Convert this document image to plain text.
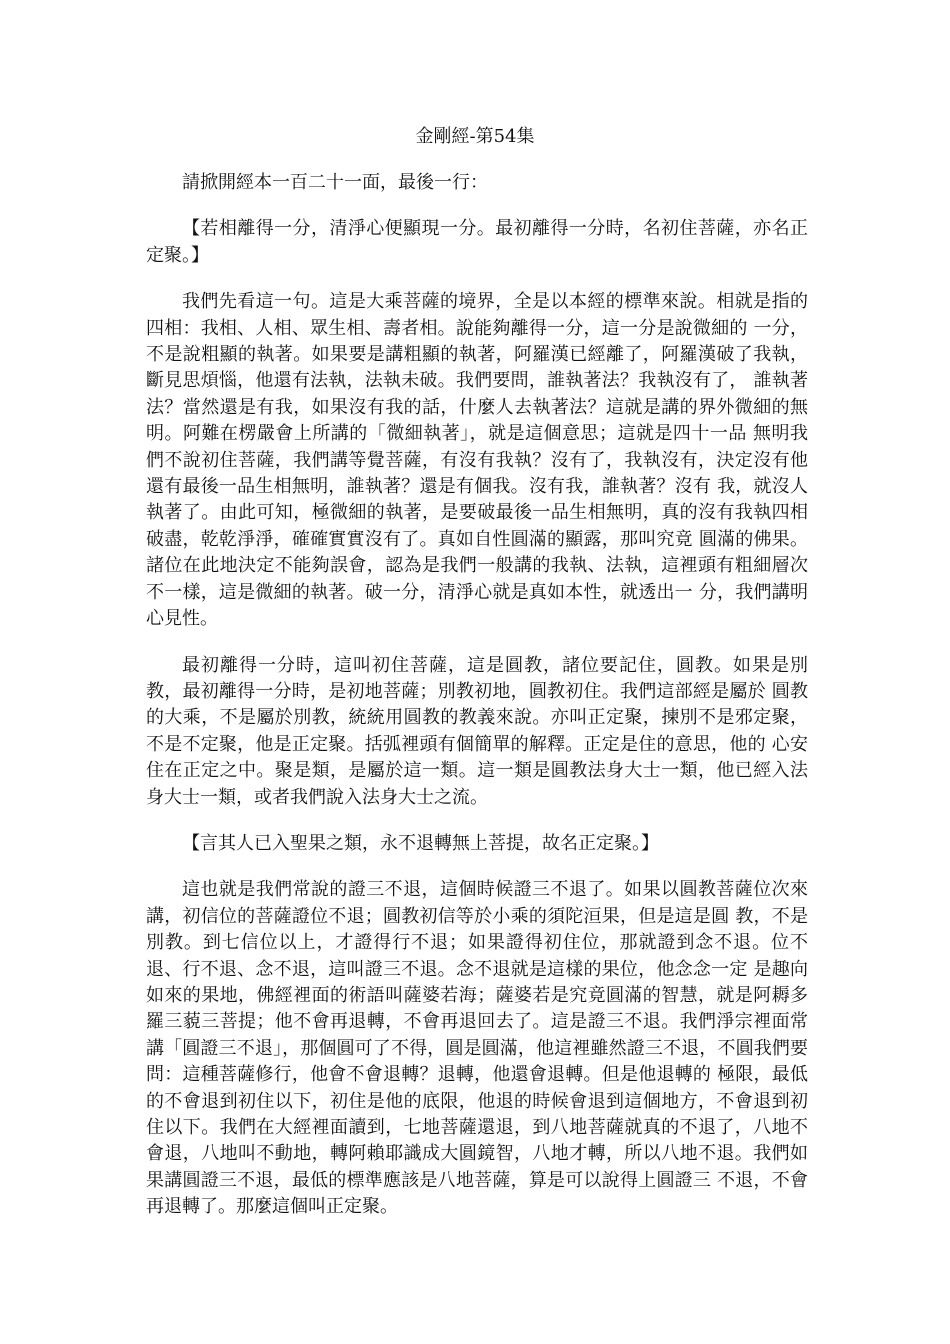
金剛經-第54集

請掀開經本一百二十一面，最後一行：

【若相離得一分，清淨心便顯現一分。最初離得一分時，名初住菩薩，亦名正定聚。】

我們先看這一句。這是大乘菩薩的境界，全是以本經的標準來說。相就是指的四相：我相、人相、眾生相、壽者相。說能夠離得一分，這一分是說微細的 一分，不是說粗顯的執著。如果要是講粗顯的執著，阿羅漢已經離了，阿羅漢破了我執，斷見思煩惱，他還有法執，法執未破。我們要問，誰執著法？我執沒有了， 誰執著法？當然還是有我，如果沒有我的話，什麼人去執著法？這就是講的界外微細的無明。阿難在楞嚴會上所講的「微細執著」，就是這個意思；這就是四十一品 無明我們不說初住菩薩，我們講等覺菩薩，有沒有我執？沒有了，我執沒有，決定沒有他還有最後一品生相無明，誰執著？還是有個我。沒有我，誰執著？沒有 我，就沒人執著了。由此可知，極微細的執著，是要破最後一品生相無明，真的沒有我執四相破盡，乾乾淨淨，確確實實沒有了。真如自性圓滿的顯露，那叫究竟 圓滿的佛果。諸位在此地決定不能夠誤會，認為是我們一般講的我執、法執，這裡頭有粗細層次不一樣，這是微細的執著。破一分，清淨心就是真如本性，就透出一 分，我們講明心見性。

最初離得一分時，這叫初住菩薩，這是圓教，諸位要記住，圓教。如果是別教，最初離得一分時，是初地菩薩；別教初地，圓教初住。我們這部經是屬於 圓教的大乘，不是屬於別教，統統用圓教的教義來說。亦叫正定聚，揀別不是邪定聚，不是不定聚，他是正定聚。括弧裡頭有個簡單的解釋。正定是住的意思，他的 心安住在正定之中。聚是類，是屬於這一類。這一類是圓教法身大士一類，他已經入法身大士一類，或者我們說入法身大士之流。

【言其人已入聖果之類，永不退轉無上菩提，故名正定聚。】

這也就是我們常說的證三不退，這個時候證三不退了。如果以圓教菩薩位次來講，初信位的菩薩證位不退；圓教初信等於小乘的須陀洹果，但是這是圓 教，不是別教。到七信位以上，才證得行不退；如果證得初住位，那就證到念不退。位不退、行不退、念不退，這叫證三不退。念不退就是這樣的果位，他念念一定 是趣向如來的果地，佛經裡面的術語叫薩婆若海；薩婆若是究竟圓滿的智慧，就是阿耨多羅三藐三菩提；他不會再退轉，不會再退回去了。這是證三不退。我們淨宗裡面常講「圓證三不退」，那個圓可了不得，圓是圓滿，他這裡雖然證三不退，不圓我們要問：這種菩薩修行，他會不會退轉？退轉，他還會退轉。但是他退轉的 極限，最低的不會退到初住以下，初住是他的底限，他退的時候會退到這個地方，不會退到初住以下。我們在大經裡面讀到，七地菩薩還退，到八地菩薩就真的不退了，八地不會退，八地叫不動地，轉阿賴耶識成大圓鏡智，八地才轉，所以八地不退。我們如果講圓證三不退，最低的標準應該是八地菩薩，算是可以說得上圓證三 不退，不會再退轉了。那麼這個叫正定聚。
